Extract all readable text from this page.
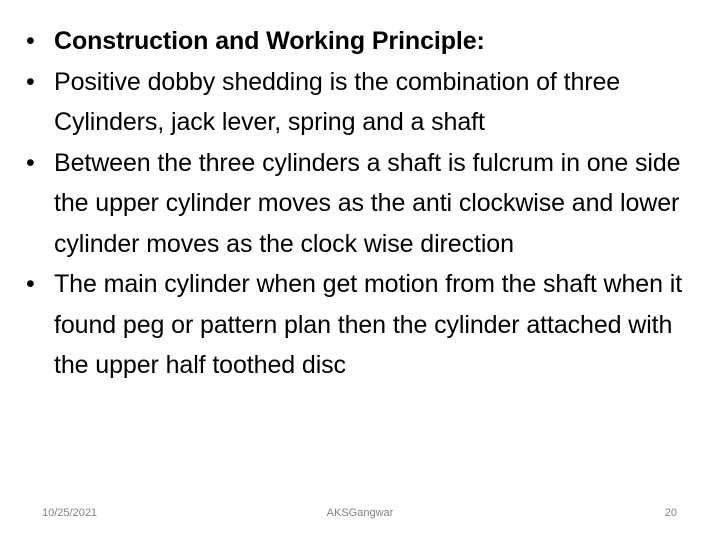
• Construction and Working Principle:
• Positive dobby shedding is the combination of three Cylinders, jack lever, spring and a shaft
• Between the three cylinders a shaft is fulcrum in one side the upper cylinder moves as the anti clockwise and lower cylinder moves as the clock wise direction
• The main cylinder when get motion from the shaft when it found peg or pattern plan then the cylinder attached with the upper half toothed disc
10/25/2021	AKSGangwar	20
